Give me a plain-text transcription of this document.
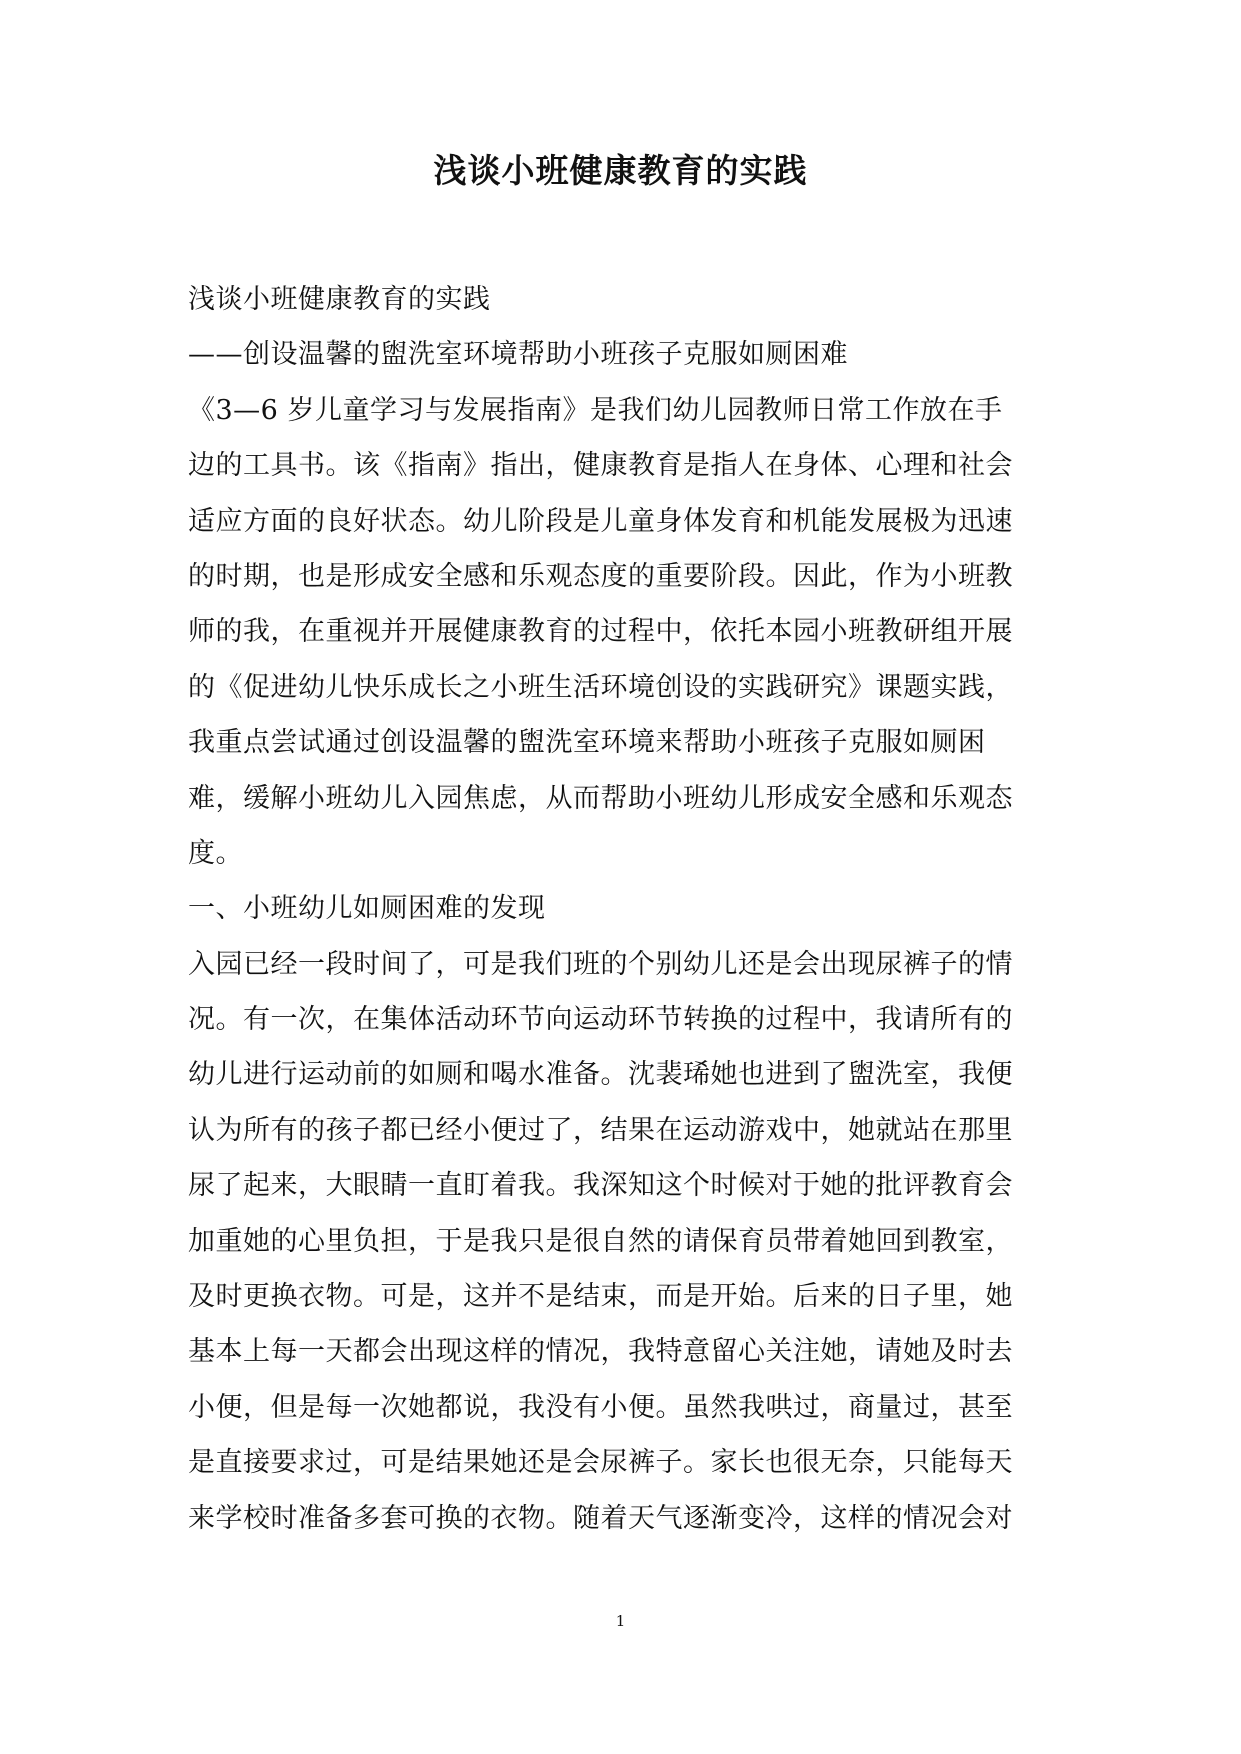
浅谈小班健康教育的实践
浅谈小班健康教育的实践
——创设温馨的盥洗室环境帮助小班孩子克服如厕困难
《3—6 岁儿童学习与发展指南》是我们幼儿园教师日常工作放在手
边的工具书。该《指南》指出，健康教育是指人在身体、心理和社会
适应方面的良好状态。幼儿阶段是儿童身体发育和机能发展极为迅速
的时期，也是形成安全感和乐观态度的重要阶段。因此，作为小班教
师的我，在重视并开展健康教育的过程中，依托本园小班教研组开展
的《促进幼儿快乐成长之小班生活环境创设的实践研究》课题实践，
我重点尝试通过创设温馨的盥洗室环境来帮助小班孩子克服如厕困
难，缓解小班幼儿入园焦虑，从而帮助小班幼儿形成安全感和乐观态
度。
一、小班幼儿如厕困难的发现
入园已经一段时间了，可是我们班的个别幼儿还是会出现尿裤子的情
况。有一次，在集体活动环节向运动环节转换的过程中，我请所有的
幼儿进行运动前的如厕和喝水准备。沈裴琋她也进到了盥洗室，我便
认为所有的孩子都已经小便过了，结果在运动游戏中，她就站在那里
尿了起来，大眼睛一直盯着我。我深知这个时候对于她的批评教育会
加重她的心里负担，于是我只是很自然的请保育员带着她回到教室，
及时更换衣物。可是，这并不是结束，而是开始。后来的日子里，她
基本上每一天都会出现这样的情况，我特意留心关注她，请她及时去
小便，但是每一次她都说，我没有小便。虽然我哄过，商量过，甚至
是直接要求过，可是结果她还是会尿裤子。家长也很无奈，只能每天
来学校时准备多套可换的衣物。随着天气逐渐变冷，这样的情况会对
1
